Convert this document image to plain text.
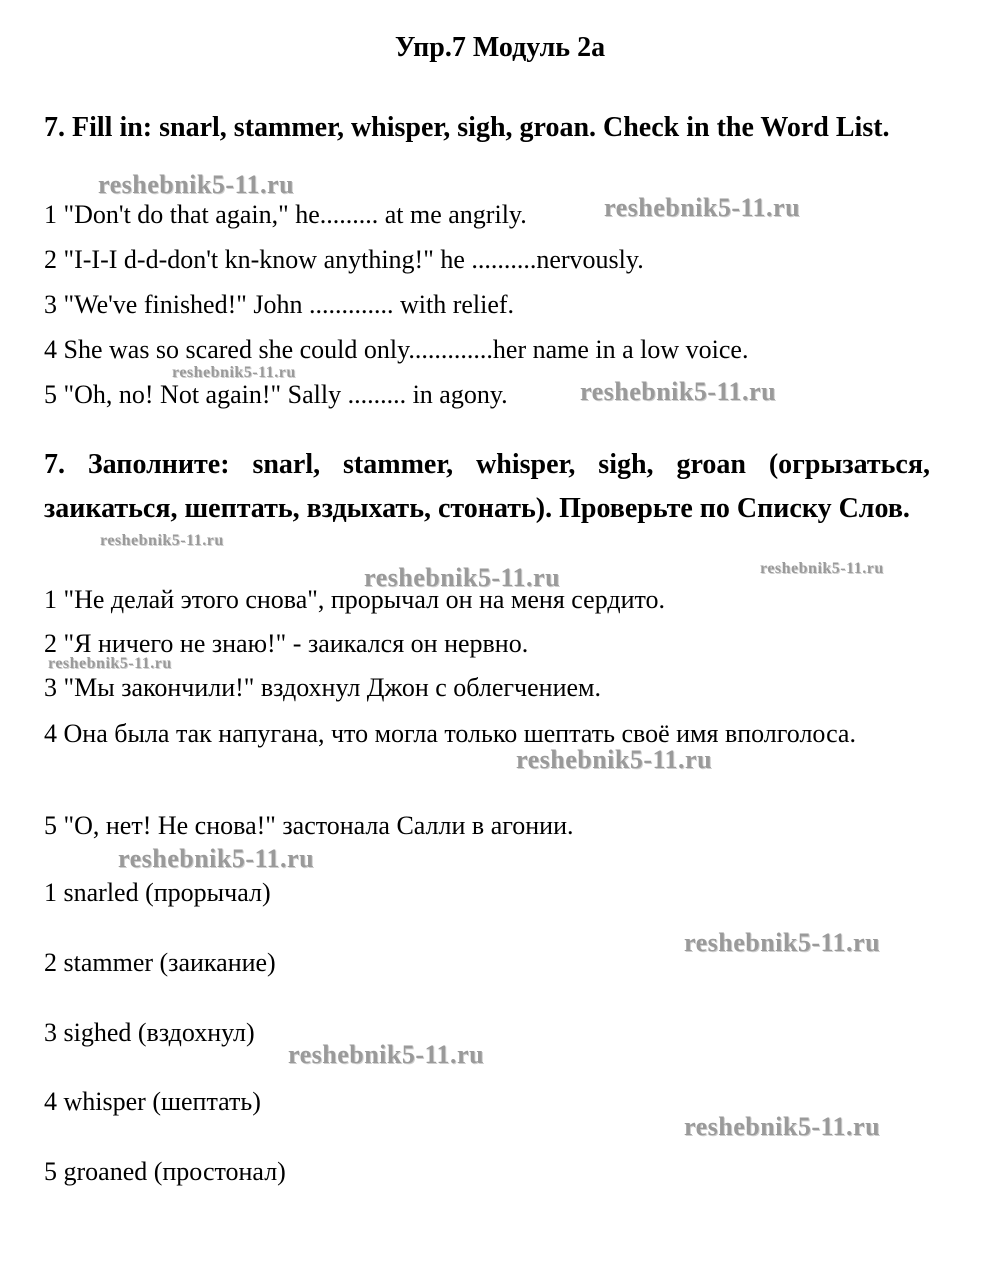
Упр.7 Модуль 2а
7. Fill in: snarl, stammer, whisper, sigh, groan. Check in the Word List.
1 "Don't do that again," he......... at me angrily.
2 "I-I-I d-d-don't kn-know anything!" he ..........nervously.
3 "We've finished!" John ............. with relief.
4 She was so scared she could only.............her name in a low voice.
5 "Oh, no! Not again!" Sally ......... in agony.
7. Заполните: snarl, stammer, whisper, sigh, groan (огрызаться, заикаться, шептать, вздыхать, стонать). Проверьте по Списку Слов.
1 "Не делай этого снова", прорычал он на меня сердито.
2 "Я ничего не знаю!" - заикался он нервно.
3 "Мы закончили!" вздохнул Джон с облегчением.
4 Она была так напугана, что могла только шептать своё имя вполголоса.
5 "О, нет! Не снова!" застонала Салли в агонии.
1 snarled (прорычал)
2 stammer (заикание)
3 sighed (вздохнул)
4 whisper (шептать)
5 groaned (простонал)
reshebnik5-11.ru
reshebnik5-11.ru
reshebnik5-11.ru
reshebnik5-11.ru
reshebnik5-11.ru
reshebnik5-11.ru	reshebnik5-11.ru
reshebnik5-11.ru
reshebnik5-11.ru
reshebnik5-11.ru
reshebnik5-11.ru
reshebnik5-11.ru
reshebnik5-11.ru
